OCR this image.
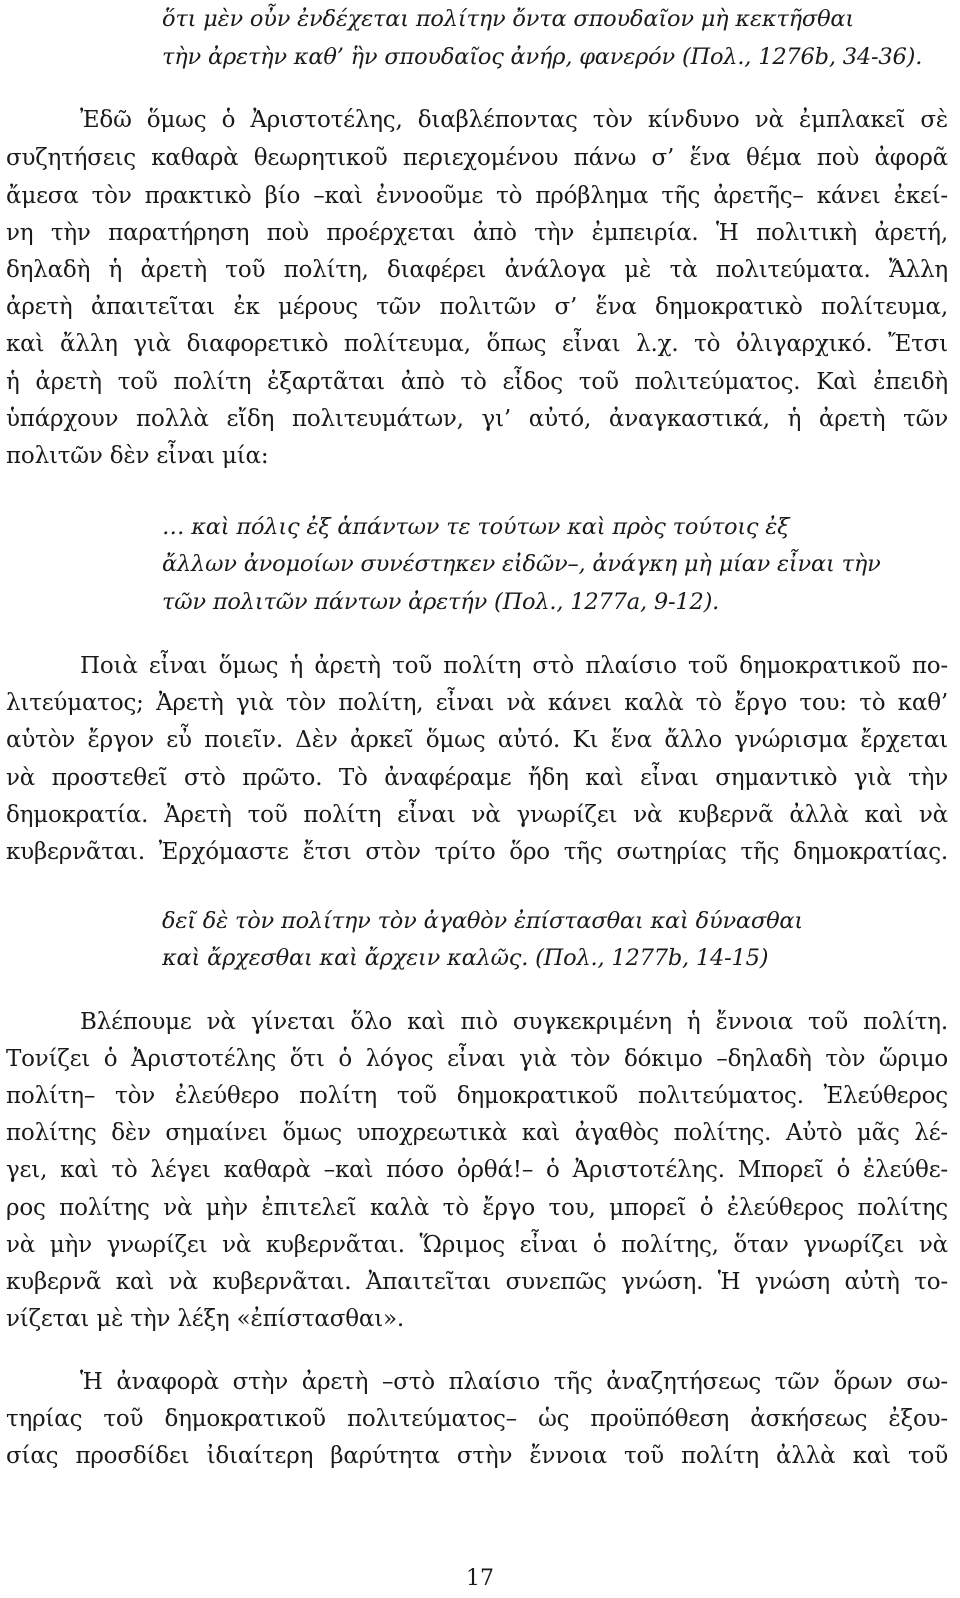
ὅτι μὲν οὖν ἐνδέχεται πολίτην ὄντα σπουδαῖον μὴ κεκτῆσθαι
τὴν ἀρετὴν καθ’ ἣν σπουδαῖος ἀνήρ, φανερόν (Πολ., 1276b, 34-36).
Ἐδῶ ὅμως ὁ Ἀριστοτέλης, διαβλέποντας τὸν κίνδυνο νὰ ἐμπλακεῖ σὲ
συζητήσεις καθαρὰ θεωρητικοῦ περιεχομένου πάνω σ’ ἕνα θέμα ποὺ ἀφορᾶ
ἄμεσα τὸν πρακτικὸ βίο –καὶ ἐννοοῦμε τὸ πρόβλημα τῆς ἀρετῆς– κάνει ἐκεί-
νη τὴν παρατήρηση ποὺ προέρχεται ἀπὸ τὴν ἐμπειρία. Ἡ πολιτικὴ ἀρετή,
δηλαδὴ ἡ ἀρετὴ τοῦ πολίτη, διαφέρει ἀνάλογα μὲ τὰ πολιτεύματα. Ἄλλη
ἀρετὴ ἀπαιτεῖται ἐκ μέρους τῶν πολιτῶν σ’ ἕνα δημοκρατικὸ πολίτευμα,
καὶ ἄλλη γιὰ διαφορετικὸ πολίτευμα, ὅπως εἶναι λ.χ. τὸ ὀλιγαρχικό. Ἔτσι
ἡ ἀρετὴ τοῦ πολίτη ἐξαρτᾶται ἀπὸ τὸ εἶδος τοῦ πολιτεύματος. Καὶ ἐπειδὴ
ὑπάρχουν πολλὰ εἴδη πολιτευμάτων, γι’ αὐτό, ἀναγκαστικά, ἡ ἀρετὴ τῶν
πολιτῶν δὲν εἶναι μία:
… καὶ πόλις ἐξ ἁπάντων τε τούτων καὶ πρὸς τούτοις ἐξ
ἄλλων ἀνομοίων συνέστηκεν εἰδῶν–, ἀνάγκη μὴ μίαν εἶναι τὴν
τῶν πολιτῶν πάντων ἀρετήν (Πολ., 1277a, 9-12).
Ποιὰ εἶναι ὅμως ἡ ἀρετὴ τοῦ πολίτη στὸ πλαίσιο τοῦ δημοκρατικοῦ πο-
λιτεύματος; Ἀρετὴ γιὰ τὸν πολίτη, εἶναι νὰ κάνει καλὰ τὸ ἔργο του: τὸ καθ’
αὑτὸν ἔργον εὖ ποιεῖν. Δὲν ἀρκεῖ ὅμως αὐτό. Κι ἕνα ἄλλο γνώρισμα ἔρχεται
νὰ προστεθεῖ στὸ πρῶτο. Τὸ ἀναφέραμε ἤδη καὶ εἶναι σημαντικὸ γιὰ τὴν
δημοκρατία. Ἀρετὴ τοῦ πολίτη εἶναι νὰ γνωρίζει νὰ κυβερνᾶ ἀλλὰ καὶ νὰ
κυβερνᾶται. Ἐρχόμαστε ἔτσι στὸν τρίτο ὅρο τῆς σωτηρίας τῆς δημοκρατίας.
δεῖ δὲ τὸν πολίτην τὸν ἀγαθὸν ἐπίστασθαι καὶ δύνασθαι
καὶ ἄρχεσθαι καὶ ἄρχειν καλῶς. (Πολ., 1277b, 14-15)
Βλέπουμε νὰ γίνεται ὅλο καὶ πιὸ συγκεκριμένη ἡ ἔννοια τοῦ πολίτη.
Τονίζει ὁ Ἀριστοτέλης ὅτι ὁ λόγος εἶναι γιὰ τὸν δόκιμο –δηλαδὴ τὸν ὥριμο
πολίτη– τὸν ἐλεύθερο πολίτη τοῦ δημοκρατικοῦ πολιτεύματος. Ἐλεύθερος
πολίτης δὲν σημαίνει ὅμως υποχρεωτικὰ καὶ ἀγαθὸς πολίτης. Αὐτὸ μᾶς λέ-
γει, καὶ τὸ λέγει καθαρὰ –καὶ πόσο ὀρθά!– ὁ Ἀριστοτέλης. Μπορεῖ ὁ ἐλεύθε-
ρος πολίτης νὰ μὴν ἐπιτελεῖ καλὰ τὸ ἔργο του, μπορεῖ ὁ ἐλεύθερος πολίτης
νὰ μὴν γνωρίζει νὰ κυβερνᾶται. Ὥριμος εἶναι ὁ πολίτης, ὅταν γνωρίζει νὰ
κυβερνᾶ καὶ νὰ κυβερνᾶται. Ἀπαιτεῖται συνεπῶς γνώση. Ἡ γνώση αὐτὴ το-
νίζεται μὲ τὴν λέξη «ἐπίστασθαι».
Ἡ ἀναφορὰ στὴν ἀρετὴ –στὸ πλαίσιο τῆς ἀναζητήσεως τῶν ὅρων σω-
τηρίας τοῦ δημοκρατικοῦ πολιτεύματος– ὡς προϋπόθεση ἀσκήσεως ἐξου-
σίας προσδίδει ἰδιαίτερη βαρύτητα στὴν ἔννοια τοῦ πολίτη ἀλλὰ καὶ τοῦ
17
